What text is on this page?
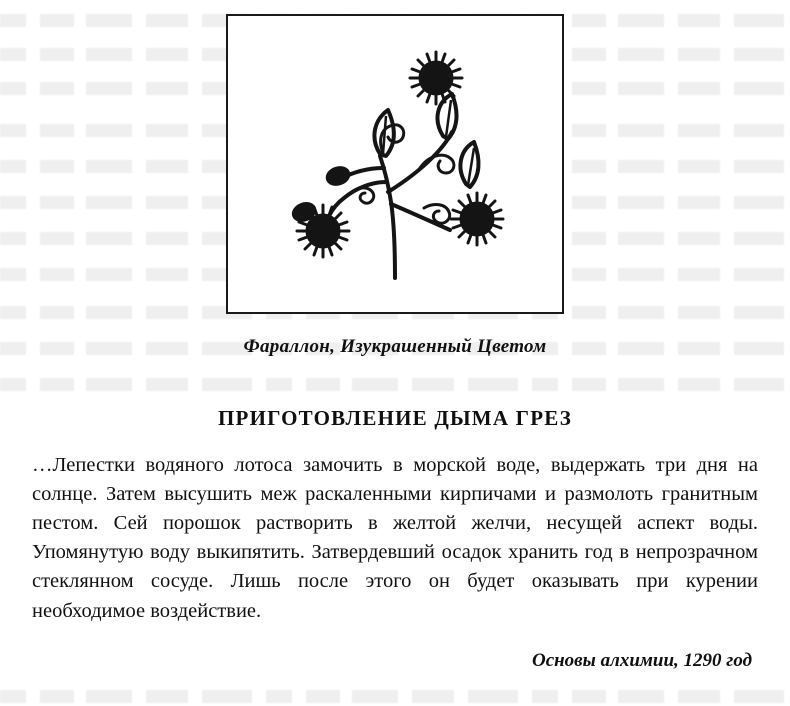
Фараллон, Изукрашенный Цветом
ПРИГОТОВЛЕНИЕ ДЫМА ГРЕЗ

…Лепестки водяного лотоса замочить в морской воде, выдержать три дня на солнце. Затем высушить меж раскаленными кирпичами и размолоть гранитным пестом. Сей порошок растворить в желтой желчи, несущей аспект воды. Упомянутую воду выкипятить. Затвердевший осадок хранить год в непрозрачном стеклянном сосуде. Лишь после этого он будет оказывать при курении необходимое воздействие.

Основы алхимии, 1290 год
